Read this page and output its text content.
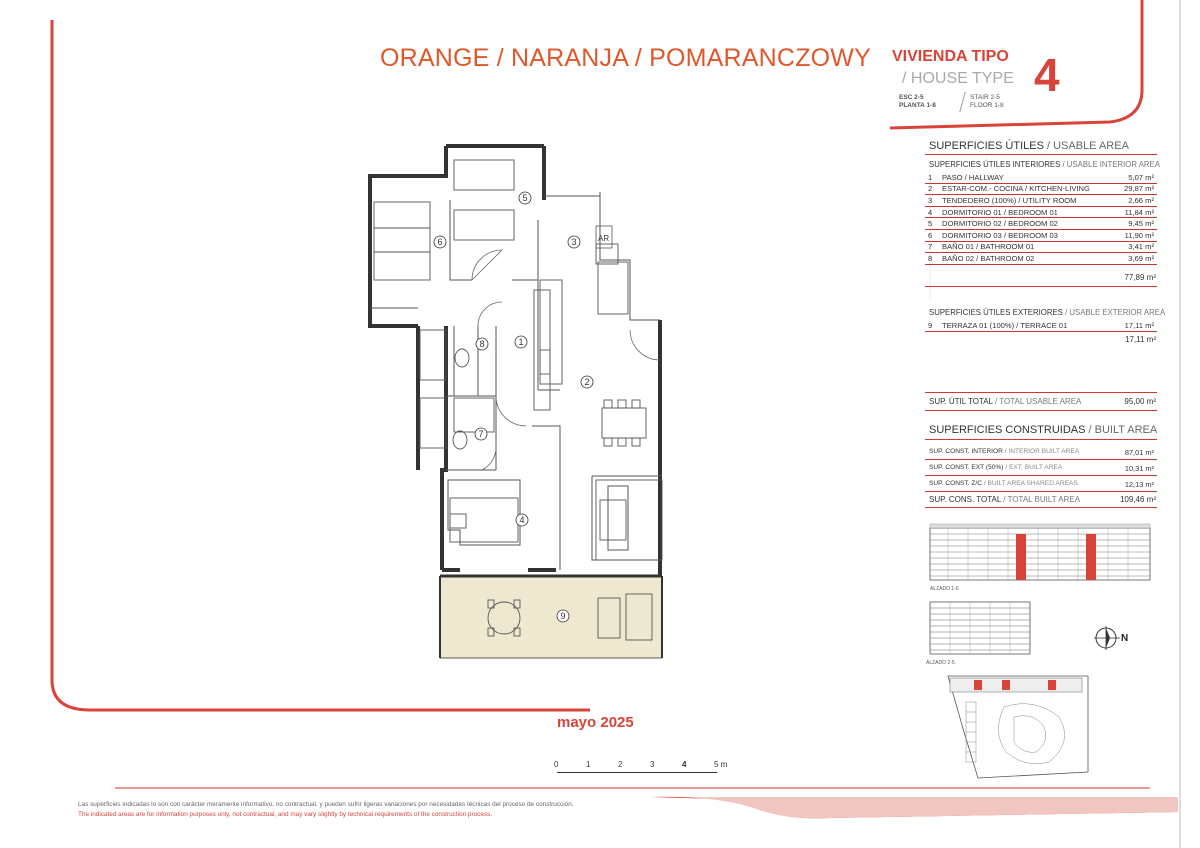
ORANGE / NARANJA / POMARANCZOWY VIVIENDA TIPO
/ HOUSE TYPE 4
ESC 2-5
PLANTA 1-8
STAIR 2-5
FLOOR 1-8
SUPERFICIES ÚTILES / USABLE AREA
SUPERFICIES ÚTILES INTERIORES / USABLE INTERIOR AREA
1	PASO / HALLWAY	5,07 m²
2	ESTAR-COM.- COCINA / KITCHEN-LIVING	29,87 m²
3	TENDEDERO (100%) / UTILITY ROOM	2,66 m²
4	DORMITORIO 01 / BEDROOM 01	11,84 m²
5	DORMITORIO 02 / BEDROOM 02	9,45 m²
6	DORMITORIO 03 / BEDROOM 03	11,90 m²
7	BAÑO 01 / BATHROOM 01	3,41 m²
8	BAÑO 02 / BATHROOM 02	3,69 m²
77,89 m²
SUPERFICIES ÚTILES EXTERIORES / USABLE EXTERIOR AREA
9	TERRAZA 01 (100%) / TERRACE 01	17,11 m²
17,11 m²
SUP. ÚTIL TOTAL / TOTAL USABLE AREA	95,00 m²
SUPERFICIES CONSTRUIDAS / BUILT AREA
SUP. CONST. INTERIOR / INTERIOR BUILT AREA	87,01 m²
SUP. CONST. EXT (50%) / EXT. BUILT AREA	10,31 m²
SUP. CONST. Z/C / BUILT AREA SHARED AREAS	12,13 m²
SUP. CONS. TOTAL / TOTAL BUILT AREA	109,46 m²
ALZADO 1-6
ALZADO 2-5
N
AR
1
2
3
4
5
6
7
8
9
0	1	2	3	4	5 m
mayo 2025
Las superficies indicadas lo son con carácter meramente informativo, no contractual, y pueden sufrir ligeras variaciones por necesidades técnicas del proceso de construcción.
The indicated areas are for information purposes only, not contractual, and may vary slightly by technical requirements of the construction process.
